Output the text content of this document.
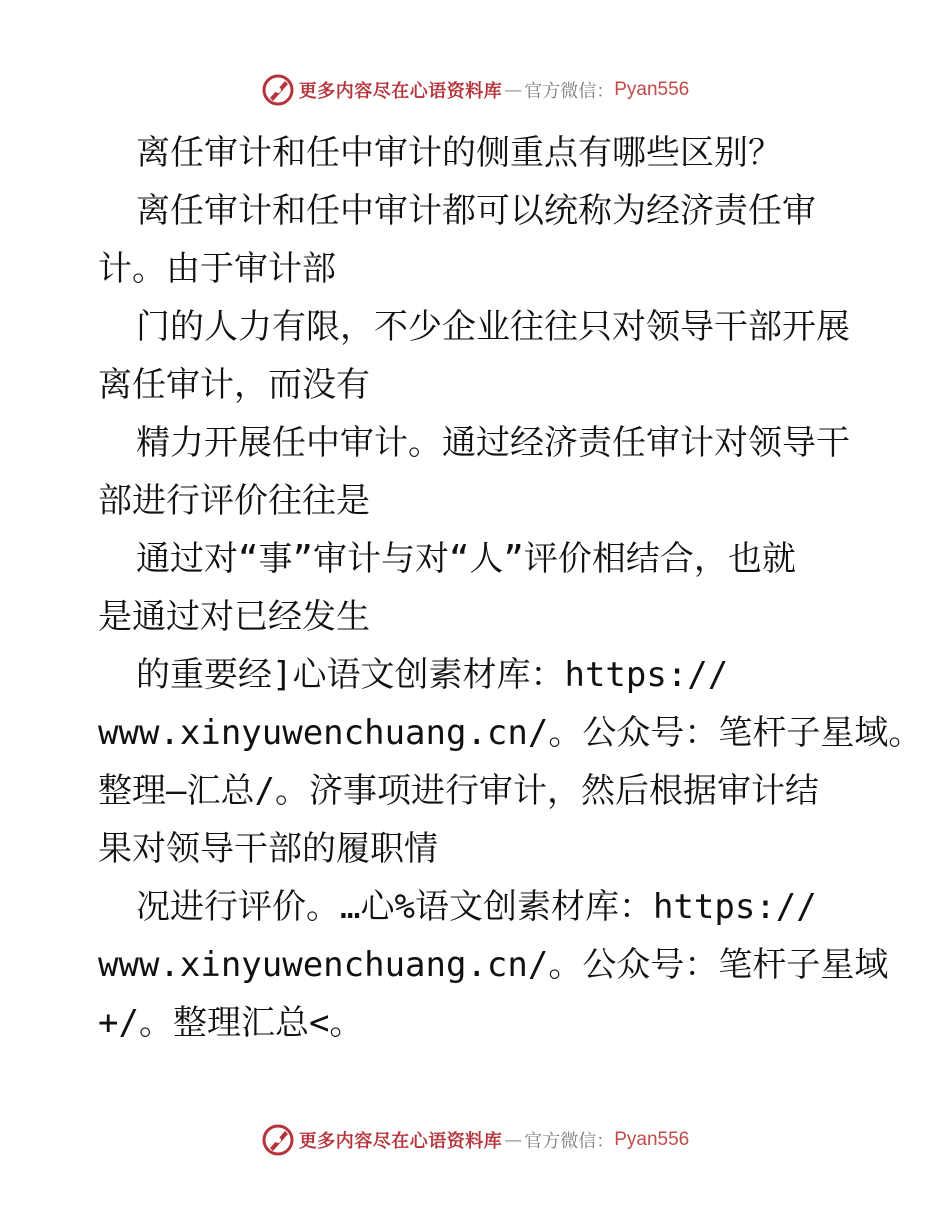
更多内容尽在心语资料库 — 官方微信： Pyan556
离任审计和任中审计的侧重点有哪些区别？
离任审计和任中审计都可以统称为经济责任审
计。由于审计部
门的人力有限，不少企业往往只对领导干部开展
离任审计，而没有
精力开展任中审计。通过经济责任审计对领导干
部进行评价往往是
通过对“事”审计与对“人”评价相结合，也就
是通过对已经发生
的重要经]心语文创素材库：https://
www.xinyuwenchuang.cn/。公众号：笔杆子星域。
整理—汇总/。济事项进行审计，然后根据审计结
果对领导干部的履职情
况进行评价。…心%语文创素材库：https://
www.xinyuwenchuang.cn/。公众号：笔杆子星域
+/。整理汇总<。
更多内容尽在心语资料库 — 官方微信： Pyan556
